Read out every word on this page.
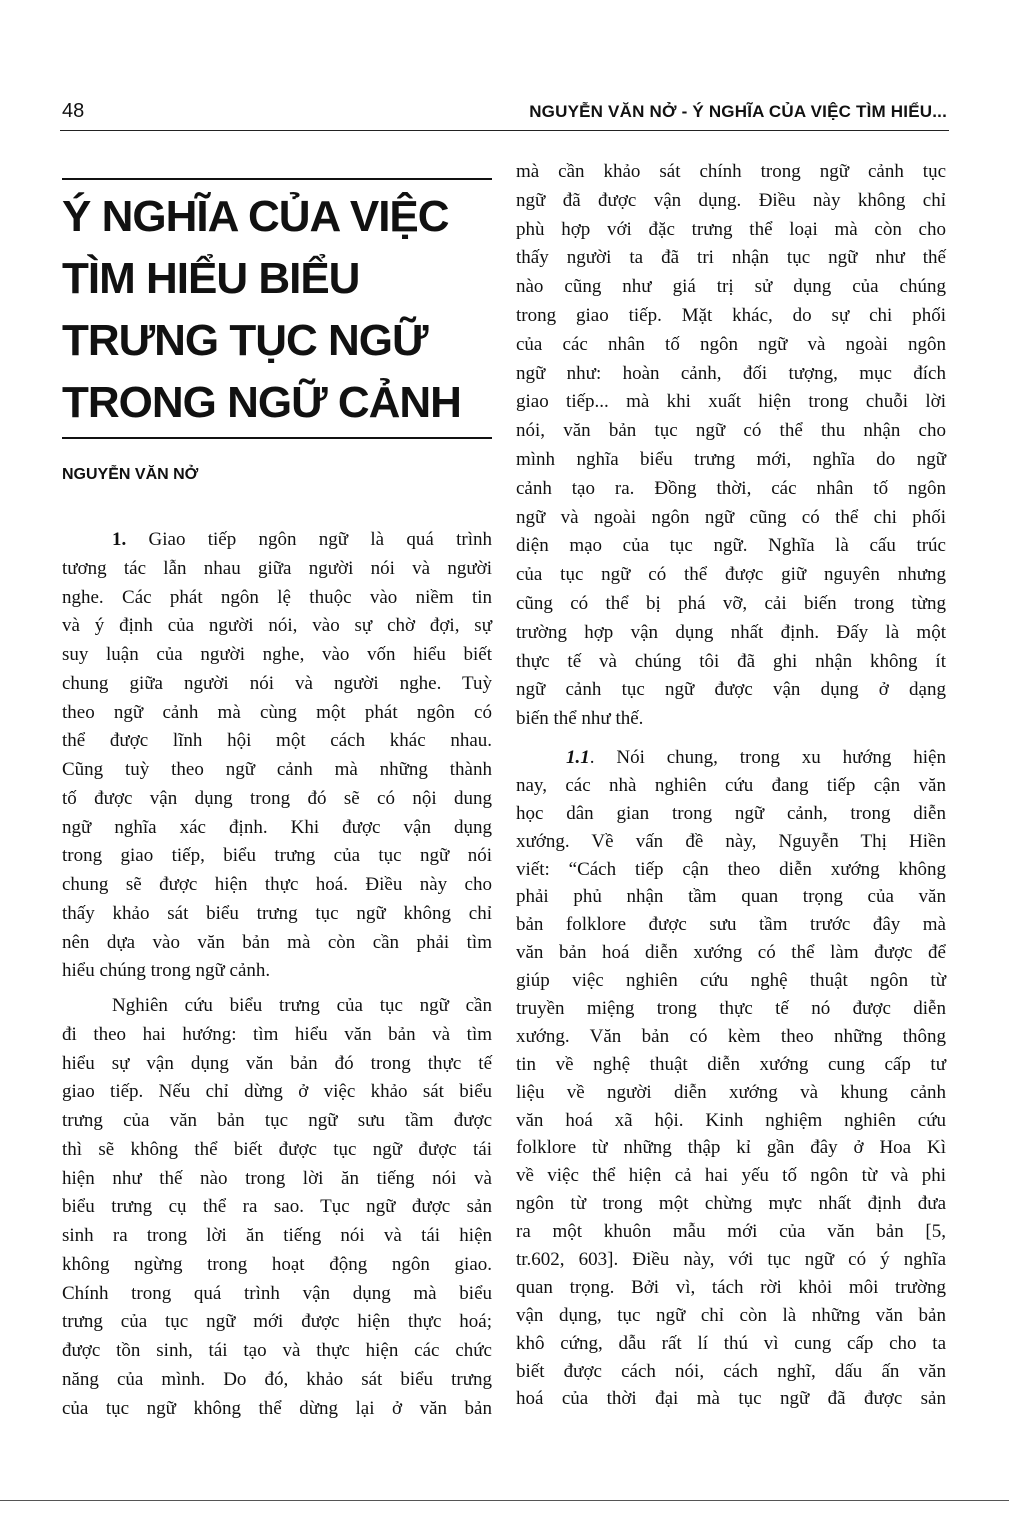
48	NGUYỄN VĂN NỞ - Ý NGHĨA CỦA VIỆC TÌM HIỂU...
Ý NGHĨA CỦA VIỆC
TÌM HIỂU BIỂU
TRƯNG TỤC NGỮ
TRONG NGỮ CẢNH
NGUYỄN VĂN NỞ
1. Giao tiếp ngôn ngữ là quá trình
tương tác lẫn nhau giữa người nói và người
nghe. Các phát ngôn lệ thuộc vào niềm tin
và ý định của người nói, vào sự chờ đợi, sự
suy luận của người nghe, vào vốn hiểu biết
chung giữa người nói và người nghe. Tuỳ
theo ngữ cảnh mà cùng một phát ngôn có
thể được lĩnh hội một cách khác nhau.
Cũng tuỳ theo ngữ cảnh mà những thành
tố được vận dụng trong đó sẽ có nội dung
ngữ nghĩa xác định. Khi được vận dụng
trong giao tiếp, biểu trưng của tục ngữ nói
chung sẽ được hiện thực hoá. Điều này cho
thấy khảo sát biểu trưng tục ngữ không chỉ
nên dựa vào văn bản mà còn cần phải tìm
hiểu chúng trong ngữ cảnh.
Nghiên cứu biểu trưng của tục ngữ cần
đi theo hai hướng: tìm hiểu văn bản và tìm
hiểu sự vận dụng văn bản đó trong thực tế
giao tiếp. Nếu chỉ dừng ở việc khảo sát biểu
trưng của văn bản tục ngữ sưu tầm được
thì sẽ không thể biết được tục ngữ được tái
hiện như thế nào trong lời ăn tiếng nói và
biểu trưng cụ thể ra sao. Tục ngữ được sản
sinh ra trong lời ăn tiếng nói và tái hiện
không ngừng trong hoạt động ngôn giao.
Chính trong quá trình vận dụng mà biểu
trưng của tục ngữ mới được hiện thực hoá;
được tồn sinh, tái tạo và thực hiện các chức
năng của mình. Do đó, khảo sát biểu trưng
của tục ngữ không thể dừng lại ở văn bản
mà cần khảo sát chính trong ngữ cảnh tục
ngữ đã được vận dụng. Điều này không chỉ
phù hợp với đặc trưng thể loại mà còn cho
thấy người ta đã tri nhận tục ngữ như thế
nào cũng như giá trị sử dụng của chúng
trong giao tiếp. Mặt khác, do sự chi phối
của các nhân tố ngôn ngữ và ngoài ngôn
ngữ như: hoàn cảnh, đối tượng, mục đích
giao tiếp... mà khi xuất hiện trong chuỗi lời
nói, văn bản tục ngữ có thể thu nhận cho
mình nghĩa biểu trưng mới, nghĩa do ngữ
cảnh tạo ra. Đồng thời, các nhân tố ngôn
ngữ và ngoài ngôn ngữ cũng có thể chi phối
diện mạo của tục ngữ. Nghĩa là cấu trúc
của tục ngữ có thể được giữ nguyên nhưng
cũng có thể bị phá vỡ, cải biến trong từng
trường hợp vận dụng nhất định. Đấy là một
thực tế và chúng tôi đã ghi nhận không ít
ngữ cảnh tục ngữ được vận dụng ở dạng
biến thể như thế.
1.1. Nói chung, trong xu hướng hiện
nay, các nhà nghiên cứu đang tiếp cận văn
học dân gian trong ngữ cảnh, trong diễn
xướng. Về vấn đề này, Nguyễn Thị Hiền
viết: “Cách tiếp cận theo diễn xướng không
phải phủ nhận tầm quan trọng của văn
bản folklore được sưu tầm trước đây mà
văn bản hoá diễn xướng có thể làm được để
giúp việc nghiên cứu nghệ thuật ngôn từ
truyền miệng trong thực tế nó được diễn
xướng. Văn bản có kèm theo những thông
tin về nghệ thuật diễn xướng cung cấp tư
liệu về người diễn xướng và khung cảnh
văn hoá xã hội. Kinh nghiệm nghiên cứu
folklore từ những thập kỉ gần đây ở Hoa Kì
về việc thể hiện cả hai yếu tố ngôn từ và phi
ngôn từ trong một chừng mực nhất định đưa
ra một khuôn mẫu mới của văn bản [5,
tr.602, 603]. Điều này, với tục ngữ có ý nghĩa
quan trọng. Bởi vì, tách rời khỏi môi trường
vận dụng, tục ngữ chỉ còn là những văn bản
khô cứng, dẫu rất lí thú vì cung cấp cho ta
biết được cách nói, cách nghĩ, dấu ấn văn
hoá của thời đại mà tục ngữ đã được sản
